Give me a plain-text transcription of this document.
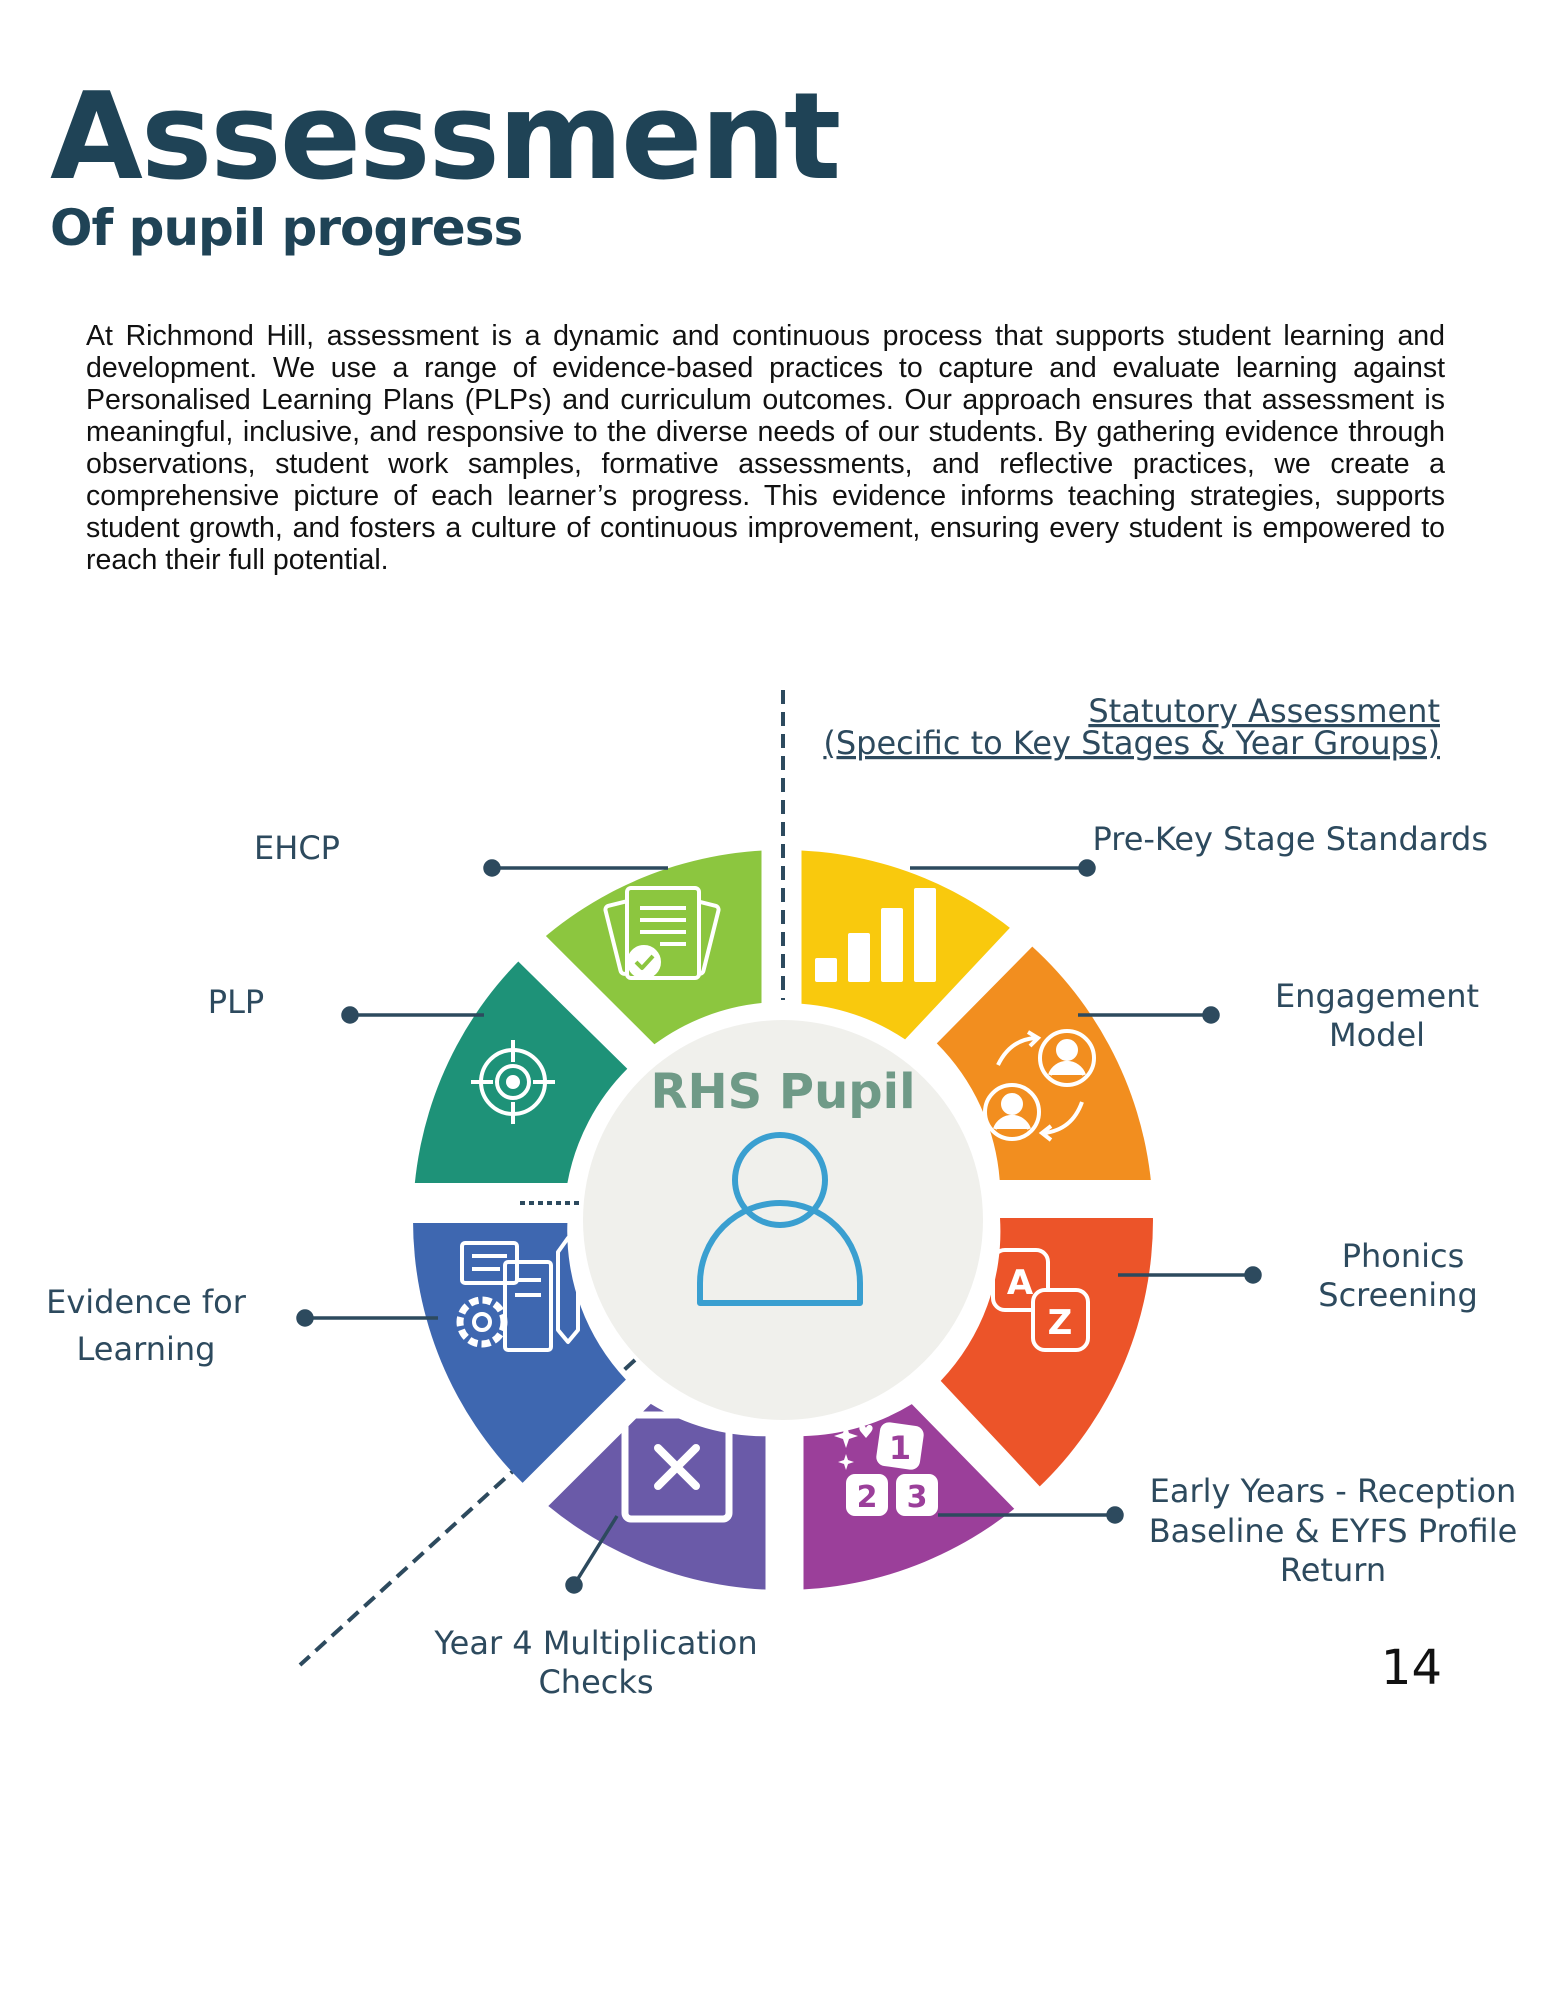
Assessment
Of pupil progress

At Richmond Hill, assessment is a dynamic and continuous process that supports student learning and development. We use a range of evidence-based practices to capture and evaluate learning against Personalised Learning Plans (PLPs) and curriculum outcomes. Our approach ensures that assessment is meaningful, inclusive, and responsive to the diverse needs of our students. By gathering evidence through observations, student work samples, formative assessments, and reflective practices, we create a comprehensive picture of each learner’s progress. This evidence informs teaching strategies, supports student growth, and fosters a culture of continuous improvement, ensuring every student is empowered to reach their full potential.

RHS Pupil
A
Z
1
2 3
Statutory Assessment
(Specific to Key Stages & Year Groups)
EHCP
PLP
Evidence for
Learning
Year 4 Multiplication
Checks
Pre-Key Stage Standards
Engagement
Model
Phonics
Screening
Early Years - Reception
Baseline & EYFS Profile
Return
14
